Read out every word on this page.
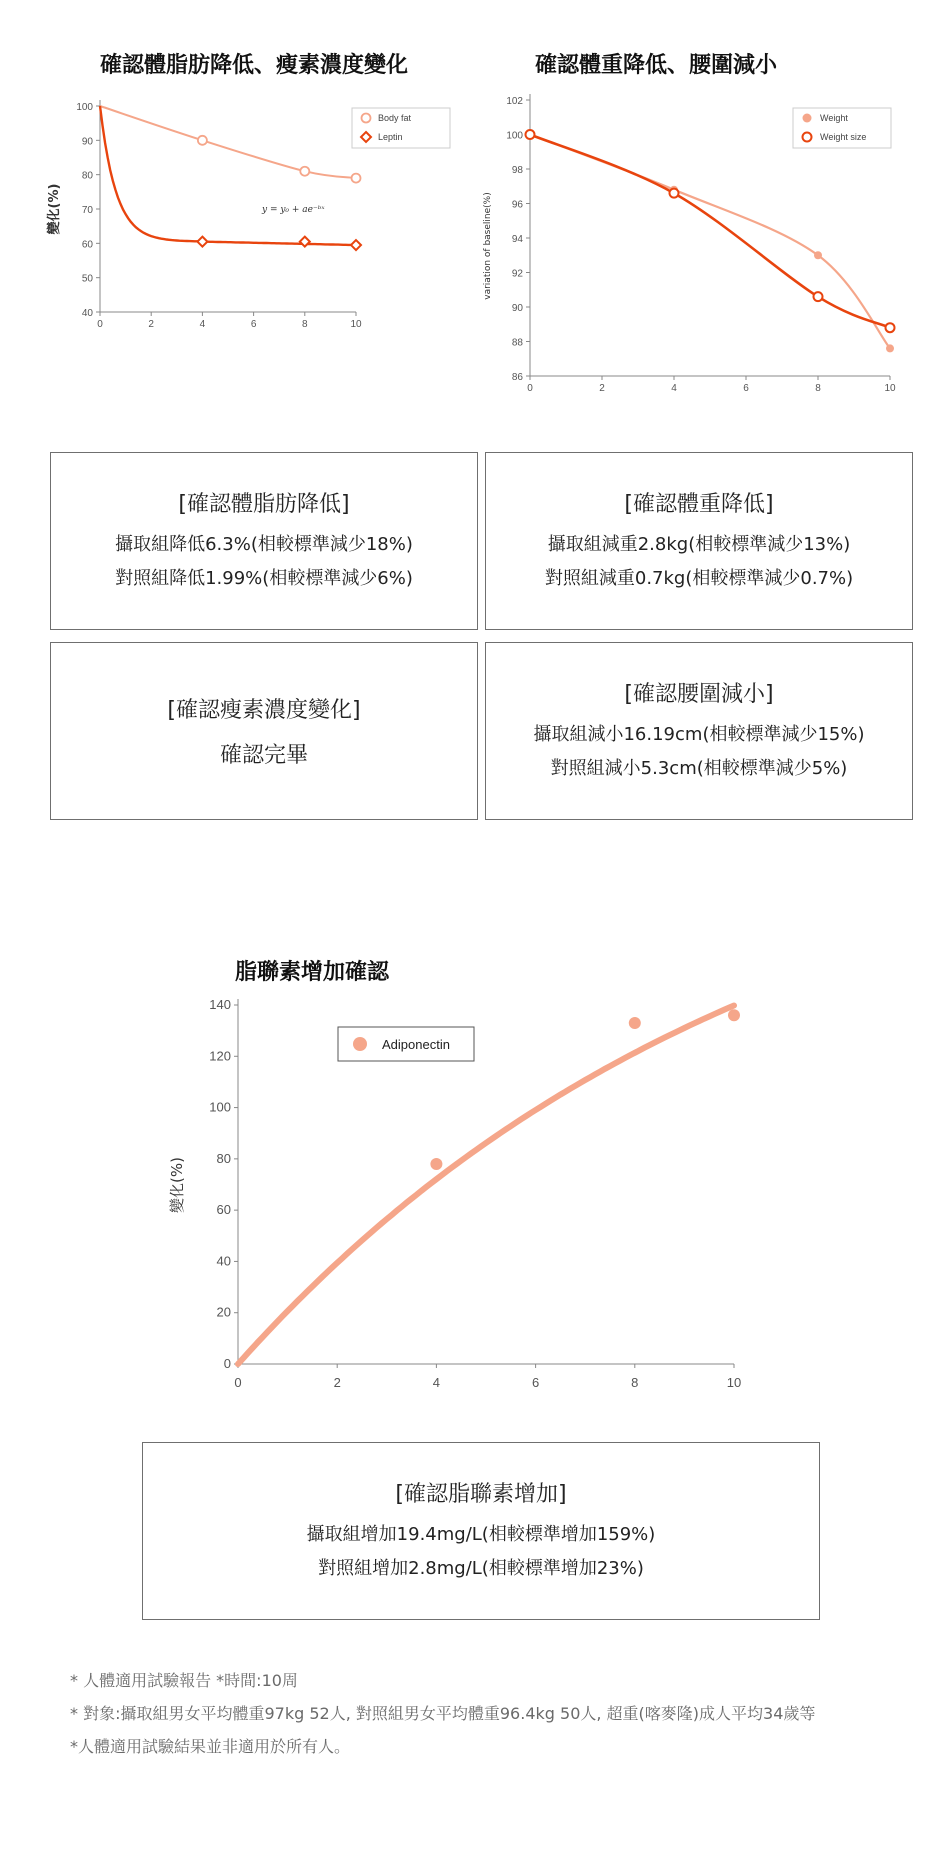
確認體脂肪降低、瘦素濃度變化
0	2	4	6	8	10
40
50
60
70
80
90
100
變化(%)	y = y₀ + ae⁻ᵇˣ
Body fat
Leptin
確認體重降低、腰圍減小
0	2	4	6	8	10
86
88
90
92
94
96
98
100
102
variation of baseline(%)
Weight
Weight size
[確認體脂肪降低]
攝取組降低6.3%(相較標準減少18%)
對照組降低1.99%(相較標準減少6%)
[確認體重降低]
攝取組減重2.8kg(相較標準減少13%)
對照組減重0.7kg(相較標準減少0.7%)
[確認瘦素濃度變化]
確認完畢
[確認腰圍減小]
攝取組減小16.19cm(相較標準減少15%)
對照組減小5.3cm(相較標準減少5%)
脂聯素增加確認
0	2	4	6	8	10
0
20
40
60
80
100
120
140
變化(%)
Adiponectin
[確認脂聯素增加]
攝取組增加19.4mg/L(相較標準增加159%)
對照組增加2.8mg/L(相較標準增加23%)
* 人體適用試驗報告 *時間:10周
* 對象:攝取組男女平均體重97kg 52人, 對照組男女平均體重96.4kg 50人, 超重(喀麥隆)成人平均34歲等
*人體適用試驗結果並非適用於所有人。
